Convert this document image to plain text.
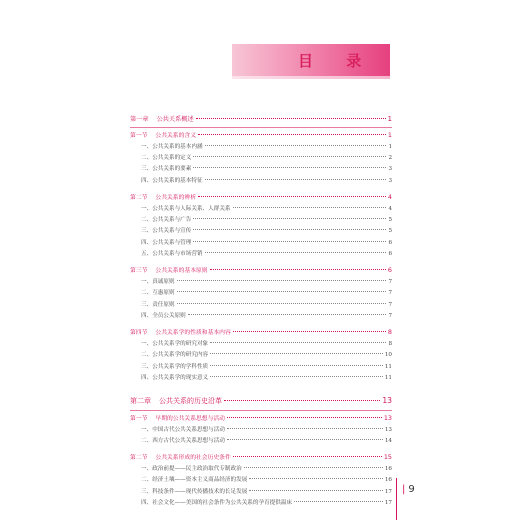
目 录
第一章 公共关系概述	1
第一节 公共关系的含义	1
一、公共关系的基本内涵	1
二、公共关系的定义	2
三、公共关系的要素	3
四、公共关系的基本特征	3
第二节 公共关系的辨析	4
一、公共关系与人际关系、人群关系	4
二、公共关系与广告	5
三、公共关系与宣传	5
四、公共关系与管理	6
五、公共关系与市场营销	6
第三节 公共关系的基本原则	6
一、真诚原则	7
二、互惠原则	7
三、责任原则	7
四、全员公关原则	7
第四节 公共关系学的性质和基本内容	8
一、公共关系学的研究对象	8
二、公共关系学的研究内容	10
三、公共关系学的学科性质	11
四、公共关系学的现实意义	11
第二章 公共关系的历史沿革	13
第一节 早期的公共关系思想与活动	13
一、中国古代公共关系思想与活动	13
二、西方古代公共关系思想与活动	14
第二节 公共关系形成的社会历史条件	15
一、政治前提——民主政治取代专制政治	16
二、经济土壤——资本主义商品经济的发展	16
三、科技条件——现代传播技术的长足发展	17
四、社会文化——美国的社会条件为公共关系的孕育提供温床	17
| 9
